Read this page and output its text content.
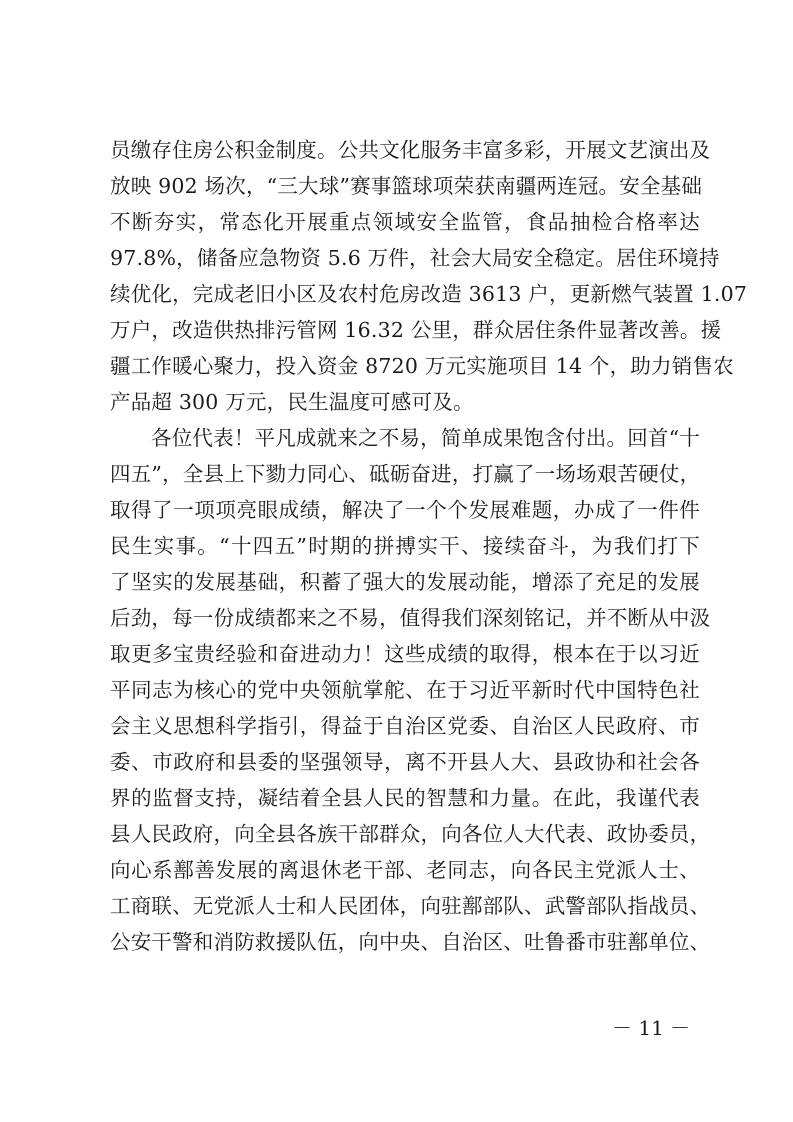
员缴存住房公积金制度。公共文化服务丰富多彩，开展文艺演出及
放映 902 场次，“三大球”赛事篮球项荣获南疆两连冠。安全基础
不断夯实，常态化开展重点领域安全监管，食品抽检合格率达
97.8%，储备应急物资 5.6 万件，社会大局安全稳定。居住环境持
续优化，完成老旧小区及农村危房改造 3613 户，更新燃气装置 1.07
万户，改造供热排污管网 16.32 公里，群众居住条件显著改善。援
疆工作暖心聚力，投入资金 8720 万元实施项目 14 个，助力销售农
产品超 300 万元，民生温度可感可及。
各位代表！平凡成就来之不易，简单成果饱含付出。回首“十
四五”，全县上下勠力同心、砥砺奋进，打赢了一场场艰苦硬仗，
取得了一项项亮眼成绩，解决了一个个发展难题，办成了一件件
民生实事。“十四五”时期的拼搏实干、接续奋斗，为我们打下
了坚实的发展基础，积蓄了强大的发展动能，增添了充足的发展
后劲，每一份成绩都来之不易，值得我们深刻铭记，并不断从中汲
取更多宝贵经验和奋进动力！这些成绩的取得，根本在于以习近
平同志为核心的党中央领航掌舵、在于习近平新时代中国特色社
会主义思想科学指引，得益于自治区党委、自治区人民政府、市
委、市政府和县委的坚强领导，离不开县人大、县政协和社会各
界的监督支持，凝结着全县人民的智慧和力量。在此，我谨代表
县人民政府，向全县各族干部群众，向各位人大代表、政协委员，
向心系鄯善发展的离退休老干部、老同志，向各民主党派人士、
工商联、无党派人士和人民团体，向驻鄯部队、武警部队指战员、
公安干警和消防救援队伍，向中央、自治区、吐鲁番市驻鄯单位、
－ 11 －
